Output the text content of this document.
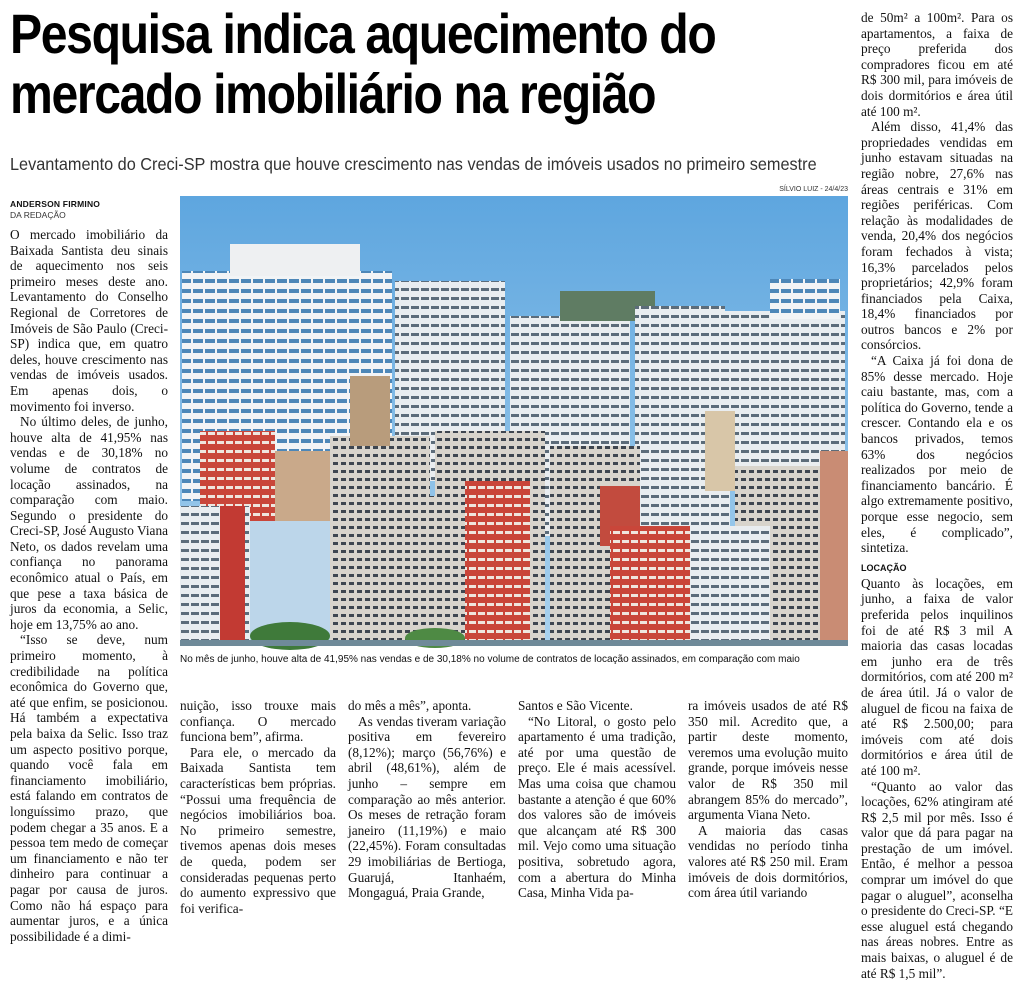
Pesquisa indica aquecimento do
mercado imobiliário na região
Levantamento do Creci-SP mostra que houve crescimento nas vendas de imóveis usados no primeiro semestre
ANDERSON FIRMINO
DA REDAÇÃO

O mercado imobiliário da Baixada Santista deu sinais de aquecimento nos seis primeiro meses deste ano. Levantamento do Conselho Regional de Corretores de Imóveis de São Paulo (Creci-SP) indica que, em quatro deles, houve crescimento nas vendas de imóveis usados. Em apenas dois, o movimento foi inverso.

No último deles, de junho, houve alta de 41,95% nas vendas e de 30,18% no volume de contratos de locação assinados, na comparação com maio. Segundo o presidente do Creci-SP, José Augusto Viana Neto, os dados revelam uma confiança no panorama econômico atual o País, em que pese a taxa básica de juros da economia, a Selic, hoje em 13,75% ao ano.

“Isso se deve, num primeiro momento, à credibilidade na política econômica do Governo que, até que enfim, se posicionou. Há também a expectativa pela baixa da Selic. Isso traz um aspecto positivo porque, quando você fala em financiamento imobiliário, está falando em contratos de longuíssimo prazo, que podem chegar a 35 anos. E a pessoa tem medo de começar um financiamento e não ter dinheiro para continuar a pagar por causa de juros. Como não há espaço para aumentar juros, e a única possibilidade é a dimi-

SÍLVIO LUIZ - 24/4/23
No mês de junho, houve alta de 41,95% nas vendas e de 30,18% no volume de contratos de locação assinados, em comparação com maio

nuição, isso trouxe mais confiança. O mercado funciona bem”, afirma.

Para ele, o mercado da Baixada Santista tem características bem próprias. “Possui uma frequência de negócios imobiliários boa. No primeiro semestre, tivemos apenas dois meses de queda, podem ser consideradas pequenas perto do aumento expressivo que foi verifica-

do mês a mês”, aponta.

As vendas tiveram variação positiva em fevereiro (8,12%); março (56,76%) e abril (48,61%), além de junho – sempre em comparação ao mês anterior. Os meses de retração foram janeiro (11,19%) e maio (22,45%). Foram consultadas 29 imobiliárias de Bertioga, Guarujá, Itanhaém, Mongaguá, Praia Grande,

Santos e São Vicente.

“No Litoral, o gosto pelo apartamento é uma tradição, até por uma questão de preço. Ele é mais acessível. Mas uma coisa que chamou bastante a atenção é que 60% dos valores são de imóveis que alcançam até R$ 300 mil. Vejo como uma situação positiva, sobretudo agora, com a abertura do Minha Casa, Minha Vida pa-

ra imóveis usados de até R$ 350 mil. Acredito que, a partir deste momento, veremos uma evolução muito grande, porque imóveis nesse valor de R$ 350 mil abrangem 85% do mercado”, argumenta Viana Neto.

A maioria das casas vendidas no período tinha valores até R$ 250 mil. Eram imóveis de dois dormitórios, com área útil variando

de 50m² a 100m². Para os apartamentos, a faixa de preço preferida dos compradores ficou em até R$ 300 mil, para imóveis de dois dormitórios e área útil até 100 m².

Além disso, 41,4% das propriedades vendidas em junho estavam situadas na região nobre, 27,6% nas áreas centrais e 31% em regiões periféricas. Com relação às modalidades de venda, 20,4% dos negócios foram fechados à vista; 16,3% parcelados pelos proprietários; 42,9% foram financiados pela Caixa, 18,4% financiados por outros bancos e 2% por consórcios.

“A Caixa já foi dona de 85% desse mercado. Hoje caiu bastante, mas, com a política do Governo, tende a crescer. Contando ela e os bancos privados, temos 63% dos negócios realizados por meio de financiamento bancário. É algo extremamente positivo, porque esse negocio, sem eles, é complicado”, sintetiza.

LOCAÇÃO

Quanto às locações, em junho, a faixa de valor preferida pelos inquilinos foi de até R$ 3 mil A maioria das casas locadas em junho era de três dormitórios, com até 200 m² de área útil. Já o valor de aluguel de ficou na faixa de até R$ 2.500,00; para imóveis com até dois dormitórios e área útil de até 100 m².

“Quanto ao valor das locações, 62% atingiram até R$ 2,5 mil por mês. Isso é valor que dá para pagar na prestação de um imóvel. Então, é melhor a pessoa comprar um imóvel do que pagar o aluguel”, aconselha o presidente do Creci-SP. “E esse aluguel está chegando nas áreas nobres. Entre as mais baixas, o aluguel é de até R$ 1,5 mil”.
